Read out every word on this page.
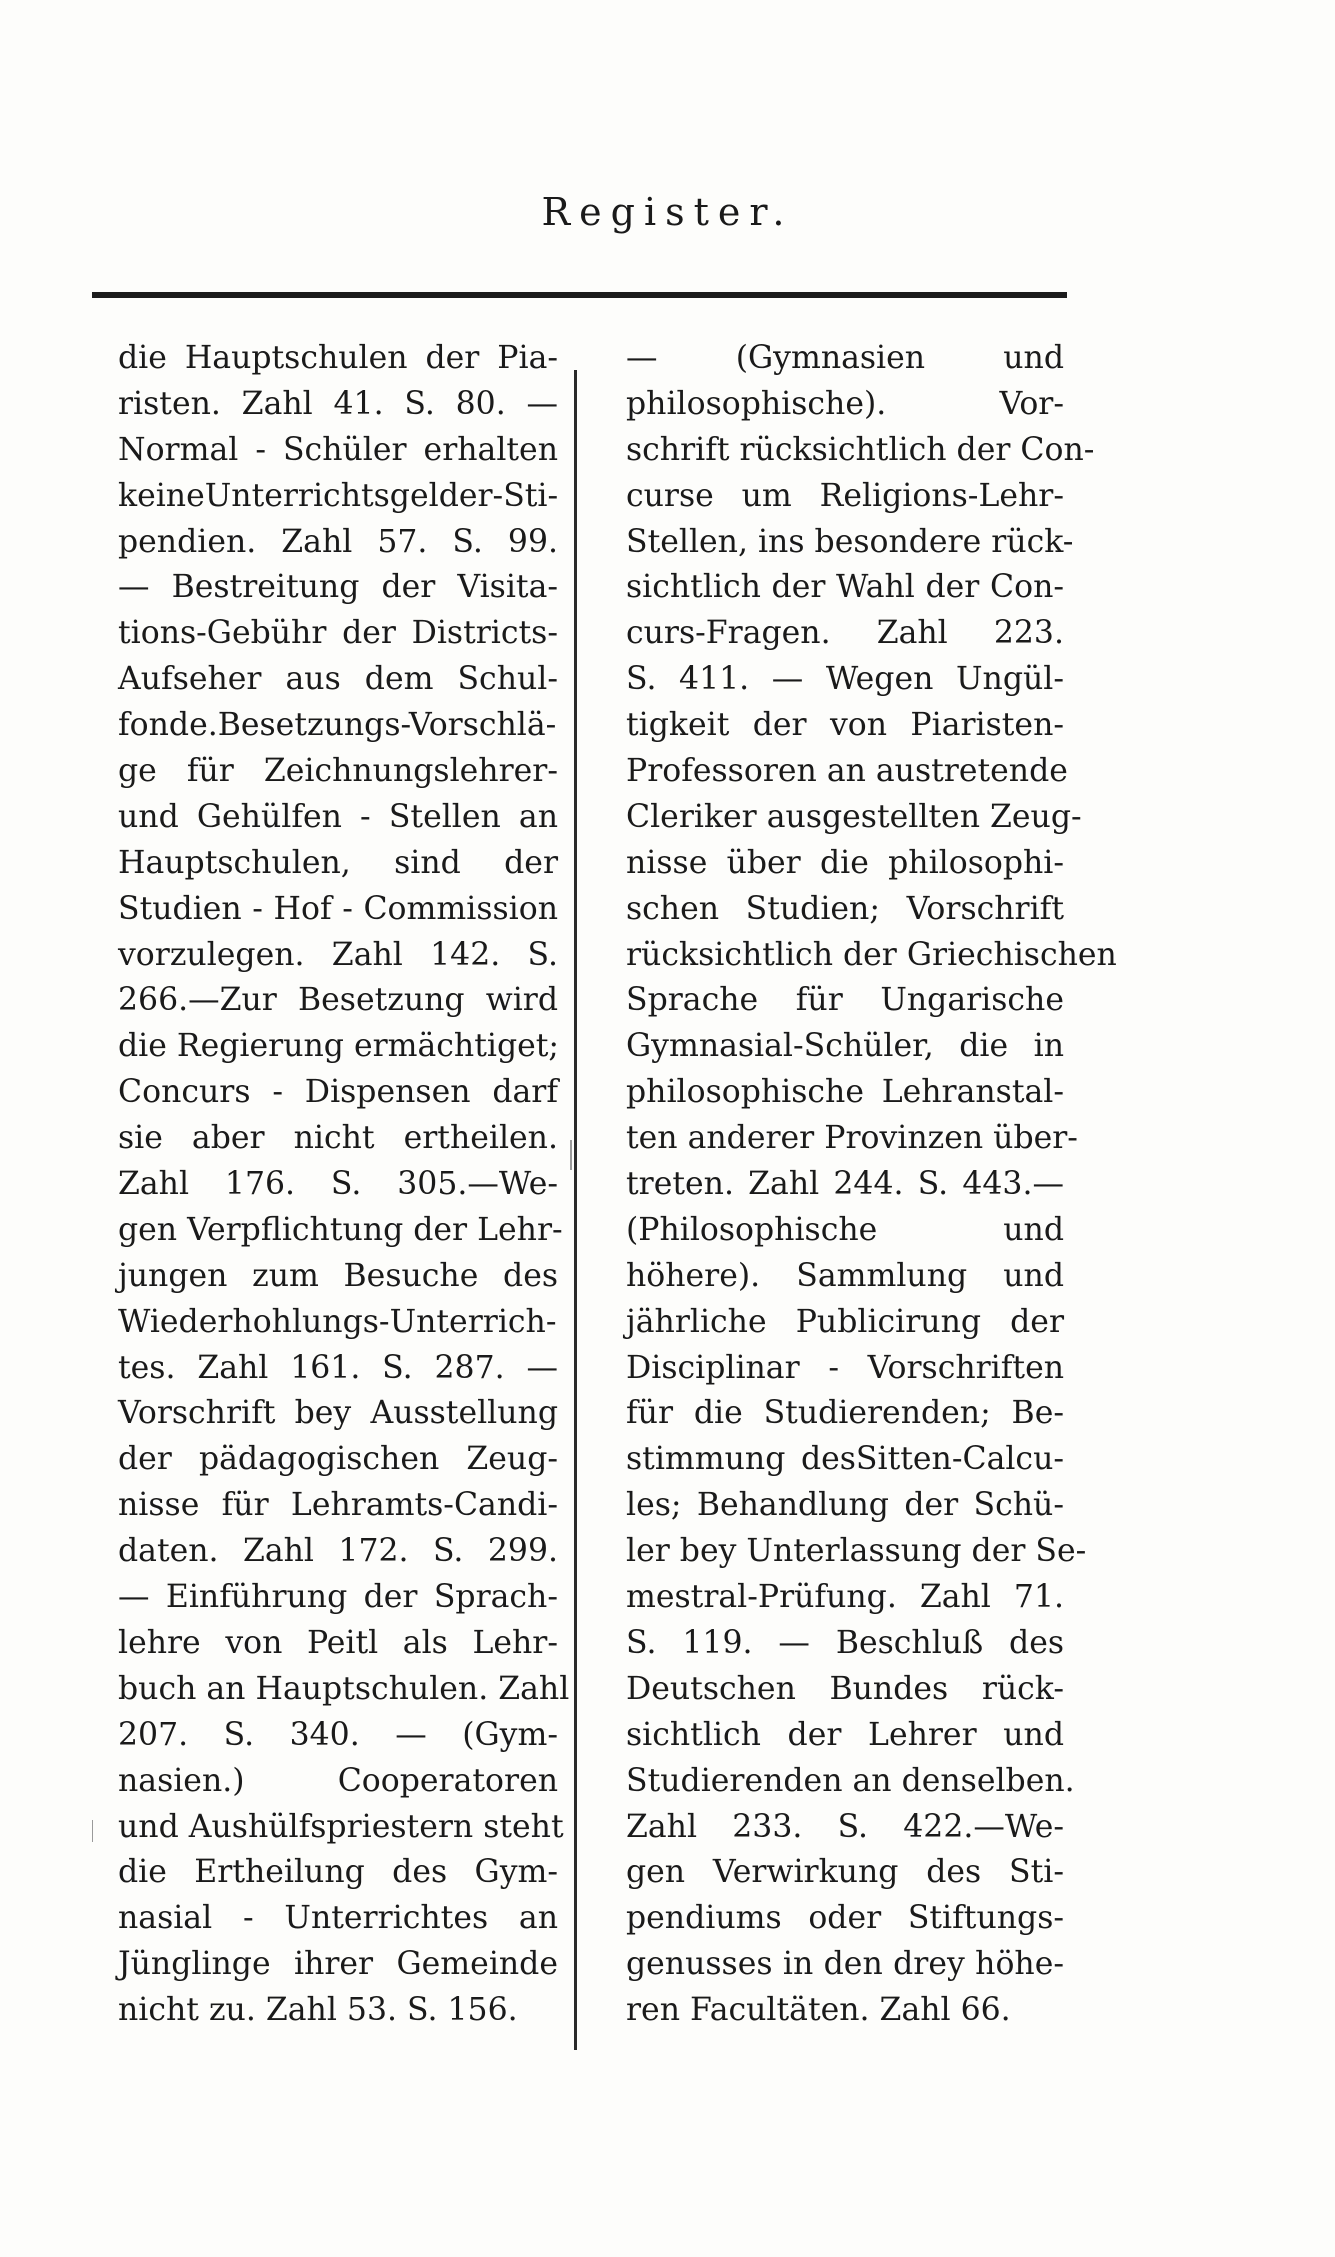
Register.
die Hauptschulen der Pia-
risten. Zahl 41. S. 80. —
Normal - Schüler erhalten
keineUnterrichtsgelder-Sti-
pendien. Zahl 57. S. 99.
— Bestreitung der Visita-
tions-Gebühr der Districts-
Aufseher aus dem Schul-
fonde.Besetzungs-Vorschlä-
ge für Zeichnungslehrer-
und Gehülfen - Stellen an
Hauptschulen, sind der
Studien - Hof - Commission
vorzulegen. Zahl 142. S.
266.—Zur Besetzung wird
die Regierung ermächtiget;
Concurs - Dispensen darf
sie aber nicht ertheilen.
Zahl 176. S. 305.—We-
gen Verpflichtung der Lehr-
jungen zum Besuche des
Wiederhohlungs-Unterrich-
tes. Zahl 161. S. 287. —
Vorschrift bey Ausstellung
der pädagogischen Zeug-
nisse für Lehramts-Candi-
daten. Zahl 172. S. 299.
— Einführung der Sprach-
lehre von Peitl als Lehr-
buch an Hauptschulen. Zahl
207. S. 340. — (Gym-
nasien.) Cooperatoren
und Aushülfspriestern steht
die Ertheilung des Gym-
nasial - Unterrichtes an
Jünglinge ihrer Gemeinde
nicht zu. Zahl 53. S. 156.
— (Gymnasien und
philosophische). Vor-
schrift rücksichtlich der Con-
curse um Religions-Lehr-
Stellen, ins besondere rück-
sichtlich der Wahl der Con-
curs-Fragen. Zahl 223.
S. 411. — Wegen Ungül-
tigkeit der von Piaristen-
Professoren an austretende
Cleriker ausgestellten Zeug-
nisse über die philosophi-
schen Studien; Vorschrift
rücksichtlich der Griechischen
Sprache für Ungarische
Gymnasial-Schüler, die in
philosophische Lehranstal-
ten anderer Provinzen über-
treten. Zahl 244. S. 443.—
(Philosophische und
höhere). Sammlung und
jährliche Publicirung der
Disciplinar - Vorschriften
für die Studierenden; Be-
stimmung desSitten-Calcu-
les; Behandlung der Schü-
ler bey Unterlassung der Se-
mestral-Prüfung. Zahl 71.
S. 119. — Beschluß des
Deutschen Bundes rück-
sichtlich der Lehrer und
Studierenden an denselben.
Zahl 233. S. 422.—We-
gen Verwirkung des Sti-
pendiums oder Stiftungs-
genusses in den drey höhe-
ren Facultäten. Zahl 66.
